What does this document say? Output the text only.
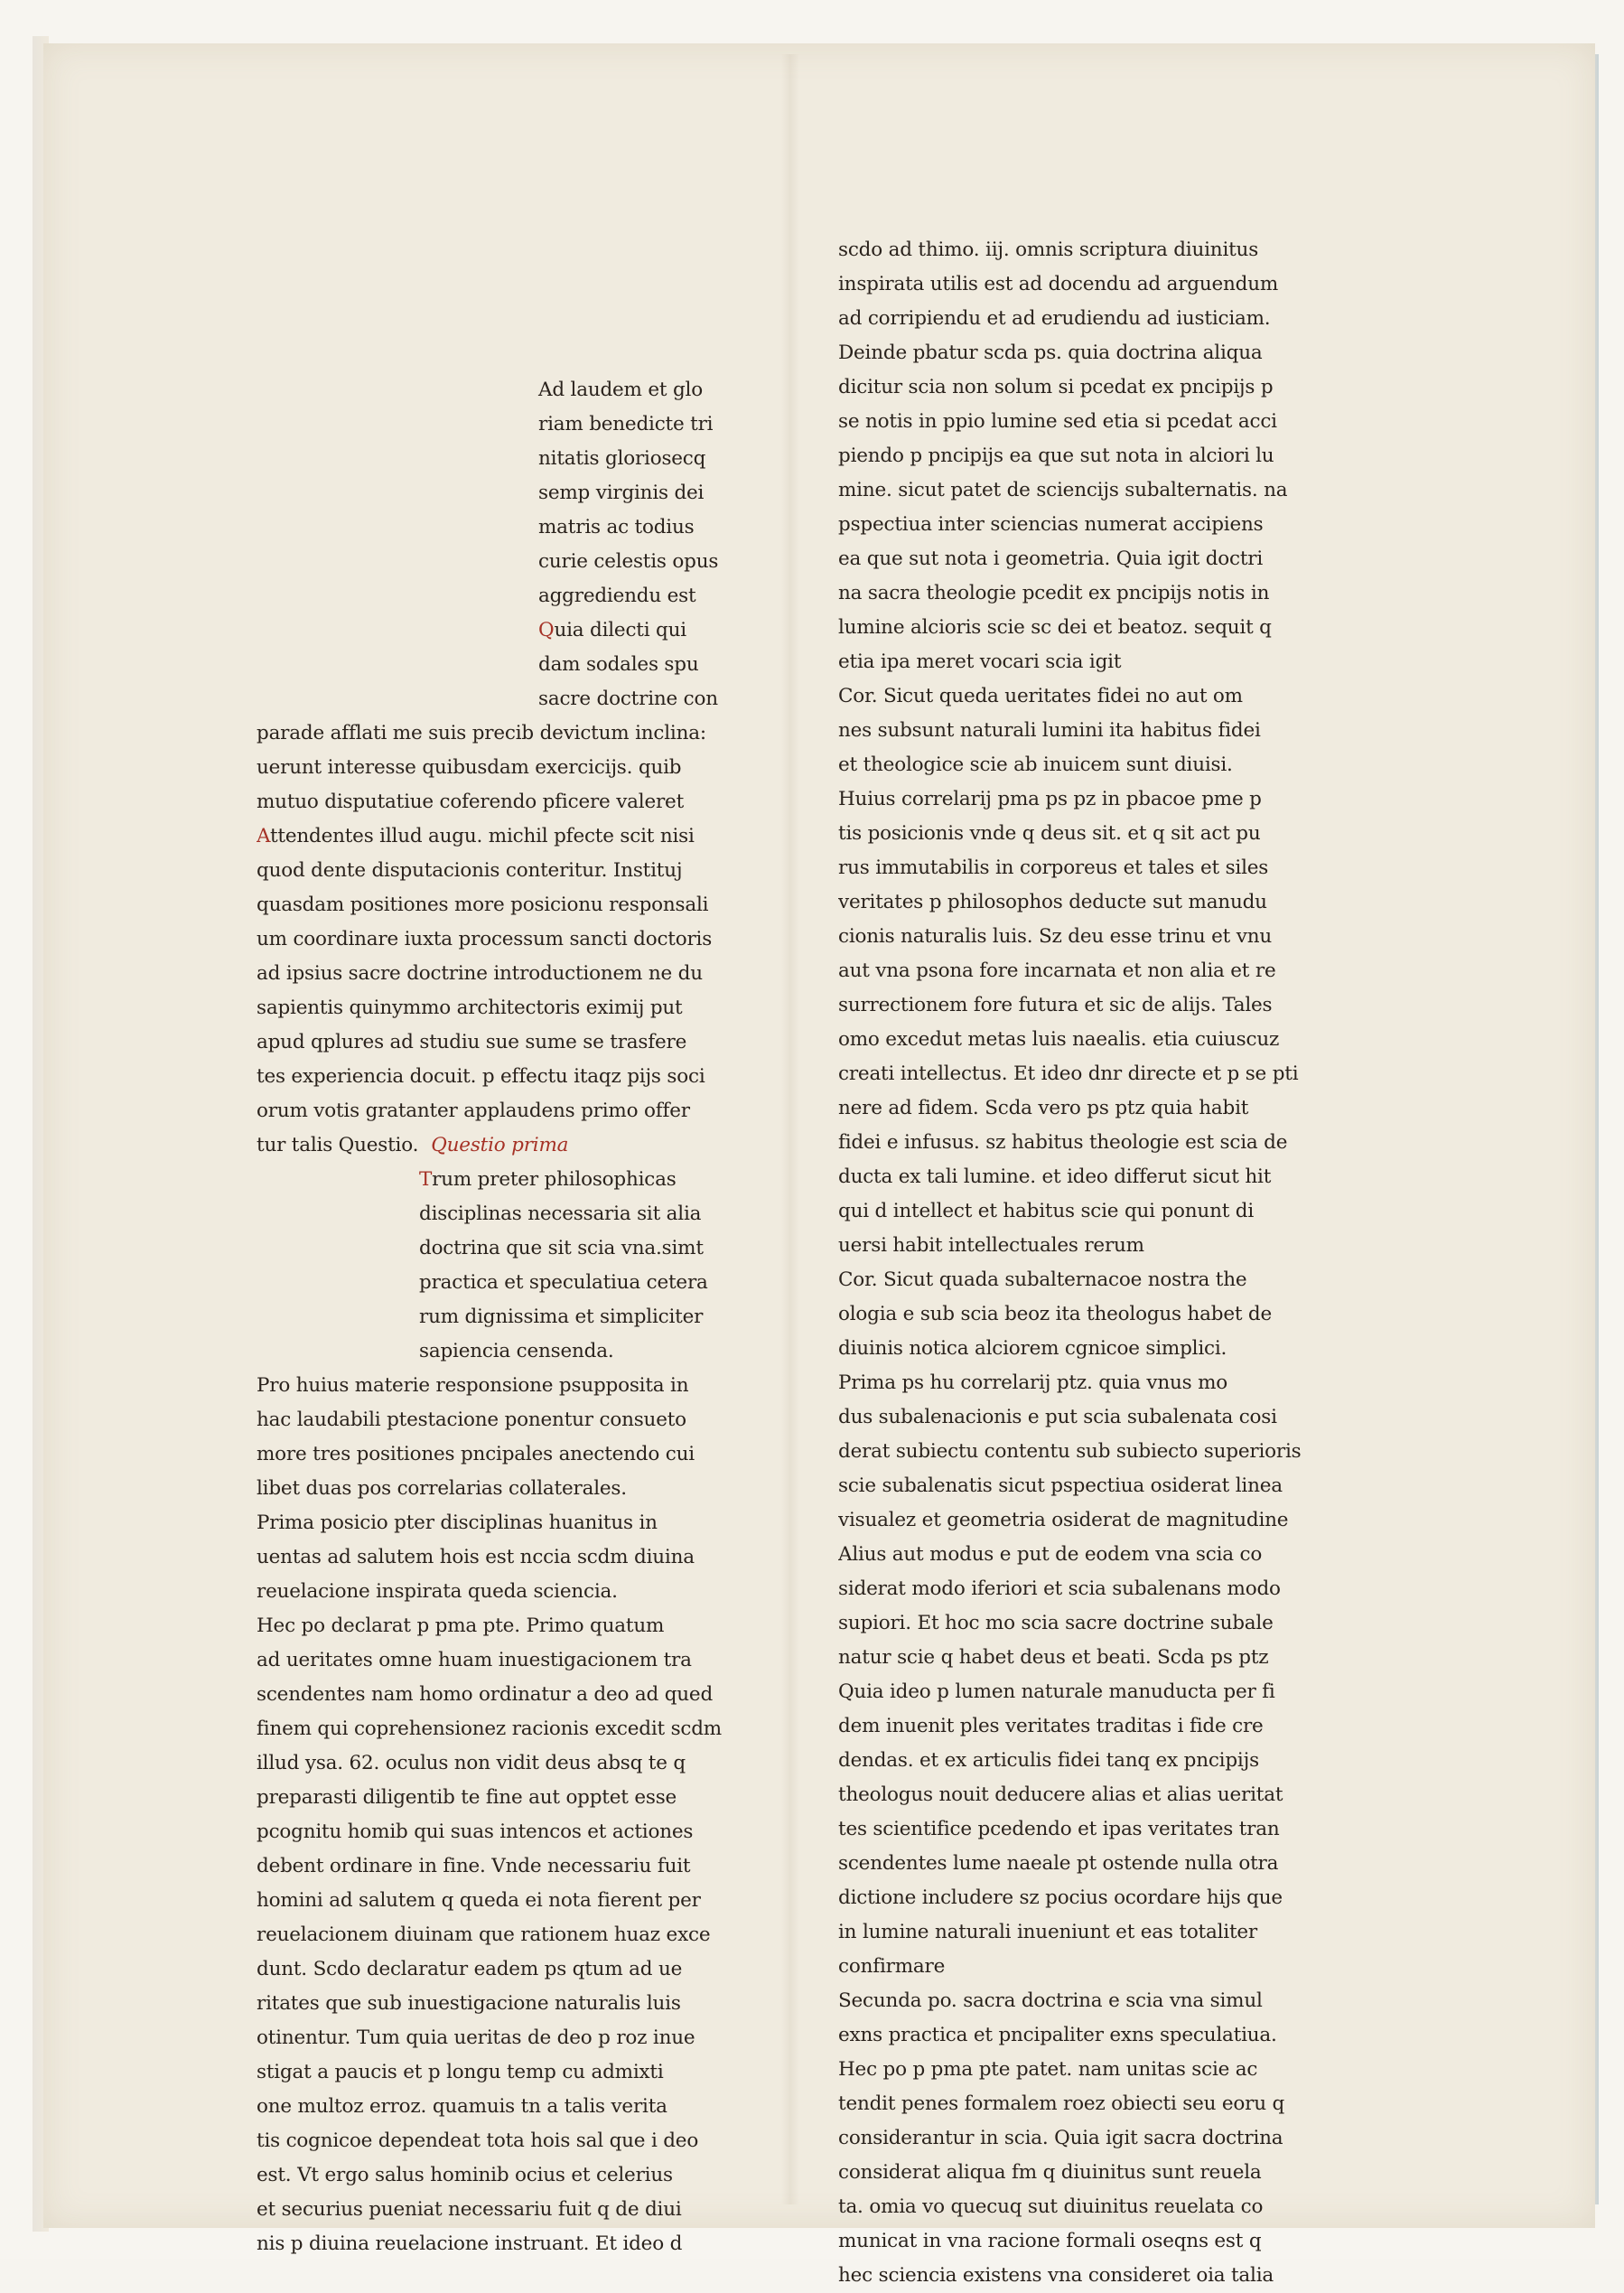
Ad laudem et glo
riam benedicte tri
nitatis gloriosecq
semp virginis dei
matris ac todius
curie celestis opus
aggrediendu est
Quia dilecti qui
dam sodales spu
sacre doctrine con
parade afflati me suis precib devictum inclina:
uerunt interesse quibusdam exercicijs. quib
mutuo disputatiue coferendo pficere valeret
Attendentes illud augu. michil pfecte scit nisi
quod dente disputacionis conteritur. Instituj
quasdam positiones more posicionu responsali
um coordinare iuxta processum sancti doctoris
ad ipsius sacre doctrine introductionem ne du
sapientis quinymmo architectoris eximij put
apud qplures ad studiu sue sume se trasfere
tes experiencia docuit. p effectu itaqz pijs soci
orum votis gratanter applaudens primo offer
tur talis Questio. Questio prima
Trum preter philosophicas
disciplinas necessaria sit alia
doctrina que sit scia vna.simt
practica et speculatiua cetera
rum dignissima et simpliciter
sapiencia censenda.
Pro huius materie responsione psupposita in
hac laudabili ptestacione ponentur consueto
more tres positiones pncipales anectendo cui
libet duas pos correlarias collaterales.
Prima posicio pter disciplinas huanitus in
uentas ad salutem hois est nccia scdm diuina
reuelacione inspirata queda sciencia.
Hec po declarat p pma pte. Primo quatum
ad ueritates omne huam inuestigacionem tra
scendentes nam homo ordinatur a deo ad qued
finem qui coprehensionez racionis excedit scdm
illud ysa. 62. oculus non vidit deus absq te q
preparasti diligentib te fine aut opptet esse
pcognitu homib qui suas intencos et actiones
debent ordinare in fine. Vnde necessariu fuit
homini ad salutem q queda ei nota fierent per
reuelacionem diuinam que rationem huaz exce
dunt. Scdo declaratur eadem ps qtum ad ue
ritates que sub inuestigacione naturalis luis
otinentur. Tum quia ueritas de deo p roz inue
stigat a paucis et p longu temp cu admixti
one multoz erroz. quamuis tn a talis verita
tis cognicoe dependeat tota hois sal que i deo
est. Vt ergo salus hominib ocius et celerius
et securius pueniat necessariu fuit q de diui
nis p diuina reuelacione instruant. Et ideo d
scdo ad thimo. iij. omnis scriptura diuinitus
inspirata utilis est ad docendu ad arguendum
ad corripiendu et ad erudiendu ad iusticiam.
Deinde pbatur scda ps. quia doctrina aliqua
dicitur scia non solum si pcedat ex pncipijs p
se notis in ppio lumine sed etia si pcedat acci
piendo p pncipijs ea que sut nota in alciori lu
mine. sicut patet de sciencijs subalternatis. na
pspectiua inter sciencias numerat accipiens
ea que sut nota i geometria. Quia igit doctri
na sacra theologie pcedit ex pncipijs notis in
lumine alcioris scie sc dei et beatoz. sequit q
etia ipa meret vocari scia igit
Cor. Sicut queda ueritates fidei no aut om
nes subsunt naturali lumini ita habitus fidei
et theologice scie ab inuicem sunt diuisi.
Huius correlarij pma ps pz in pbacoe pme p
tis posicionis vnde q deus sit. et q sit act pu
rus immutabilis in corporeus et tales et siles
veritates p philosophos deducte sut manudu
cionis naturalis luis. Sz deu esse trinu et vnu
aut vna psona fore incarnata et non alia et re
surrectionem fore futura et sic de alijs. Tales
omo excedut metas luis naealis. etia cuiuscuz
creati intellectus. Et ideo dnr directe et p se pti
nere ad fidem. Scda vero ps ptz quia habit
fidei e infusus. sz habitus theologie est scia de
ducta ex tali lumine. et ideo differut sicut hit
qui d intellect et habitus scie qui ponunt di
uersi habit intellectuales rerum
Cor. Sicut quada subalternacoe nostra the
ologia e sub scia beoz ita theologus habet de
diuinis notica alciorem cgnicoe simplici.
Prima ps hu correlarij ptz. quia vnus mo
dus subalenacionis e put scia subalenata cosi
derat subiectu contentu sub subiecto superioris
scie subalenatis sicut pspectiua osiderat linea
visualez et geometria osiderat de magnitudine
Alius aut modus e put de eodem vna scia co
siderat modo iferiori et scia subalenans modo
supiori. Et hoc mo scia sacre doctrine subale
natur scie q habet deus et beati. Scda ps ptz
Quia ideo p lumen naturale manuducta per fi
dem inuenit ples veritates traditas i fide cre
dendas. et ex articulis fidei tanq ex pncipijs
theologus nouit deducere alias et alias ueritat
tes scientifice pcedendo et ipas veritates tran
scendentes lume naeale pt ostende nulla otra
dictione includere sz pocius ocordare hijs que
in lumine naturali inueniunt et eas totaliter
confirmare
Secunda po. sacra doctrina e scia vna simul
exns practica et pncipaliter exns speculatiua.
Hec po p pma pte patet. nam unitas scie ac
tendit penes formalem roez obiecti seu eoru q
considerantur in scia. Quia igit sacra doctrina
considerat aliqua fm q diuinitus sunt reuela
ta. omia vo quecuq sut diuinitus reuelata co
municat in vna racione formali oseqns est q
hec sciencia existens vna consideret oia talia
